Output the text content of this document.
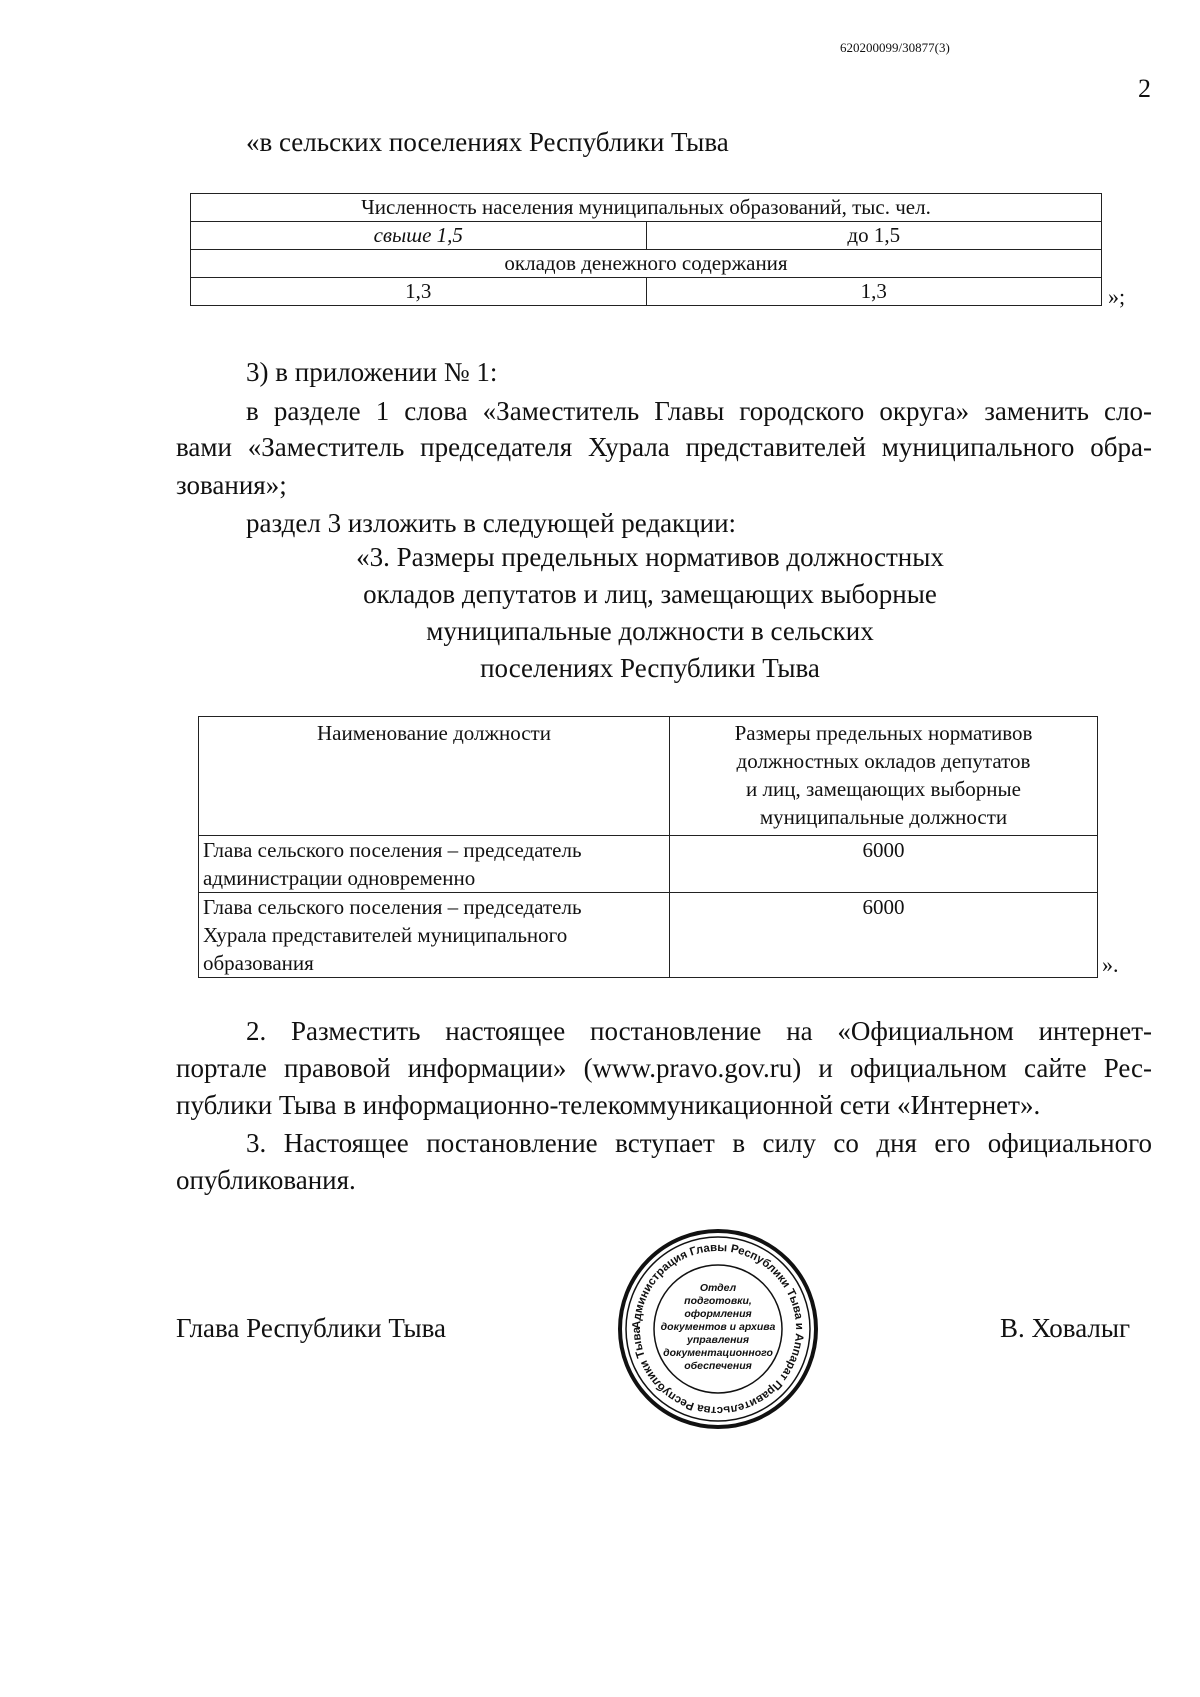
620200099/30877(3)
2
«в сельских поселениях Республики Тыва
Численность населения муниципальных образований, тыс. чел.	
свыше 1,5	до 1,5
окладов денежного содержания	
1,3	1,3	»;
3) в приложении № 1:
в разделе 1 слова «Заместитель Главы городского округа» заменить сло-
вами «Заместитель председателя Хурала представителей муниципального обра-
зования»;
раздел 3 изложить в следующей редакции:
«3. Размеры предельных нормативов должностных
окладов депутатов и лиц, замещающих выборные
муниципальные должности в сельских
поселениях Республики Тыва
Наименование должности	Размеры предельных нормативов
должностных окладов депутатов
и лиц, замещающих выборные
муниципальные должности

Глава сельского поселения – председатель
администрации одновременно	6000

Глава сельского поселения – председатель
Хурала представителей муниципального
образования	6000
».
2. Разместить настоящее постановление на «Официальном интернет-
портале правовой информации» (www.pravo.gov.ru) и официальном сайте Рес-
публики Тыва в информационно-телекоммуникационной сети «Интернет».
3. Настоящее постановление вступает в силу со дня его официального
опубликования.
Глава Республики Тыва	В. Ховалыг
Администрация Главы Республики Тыва и Аппарат Правительства Республики Тыва
Отдел
подготовки,
оформления
документов и архива
управления
документационного
обеспечения
